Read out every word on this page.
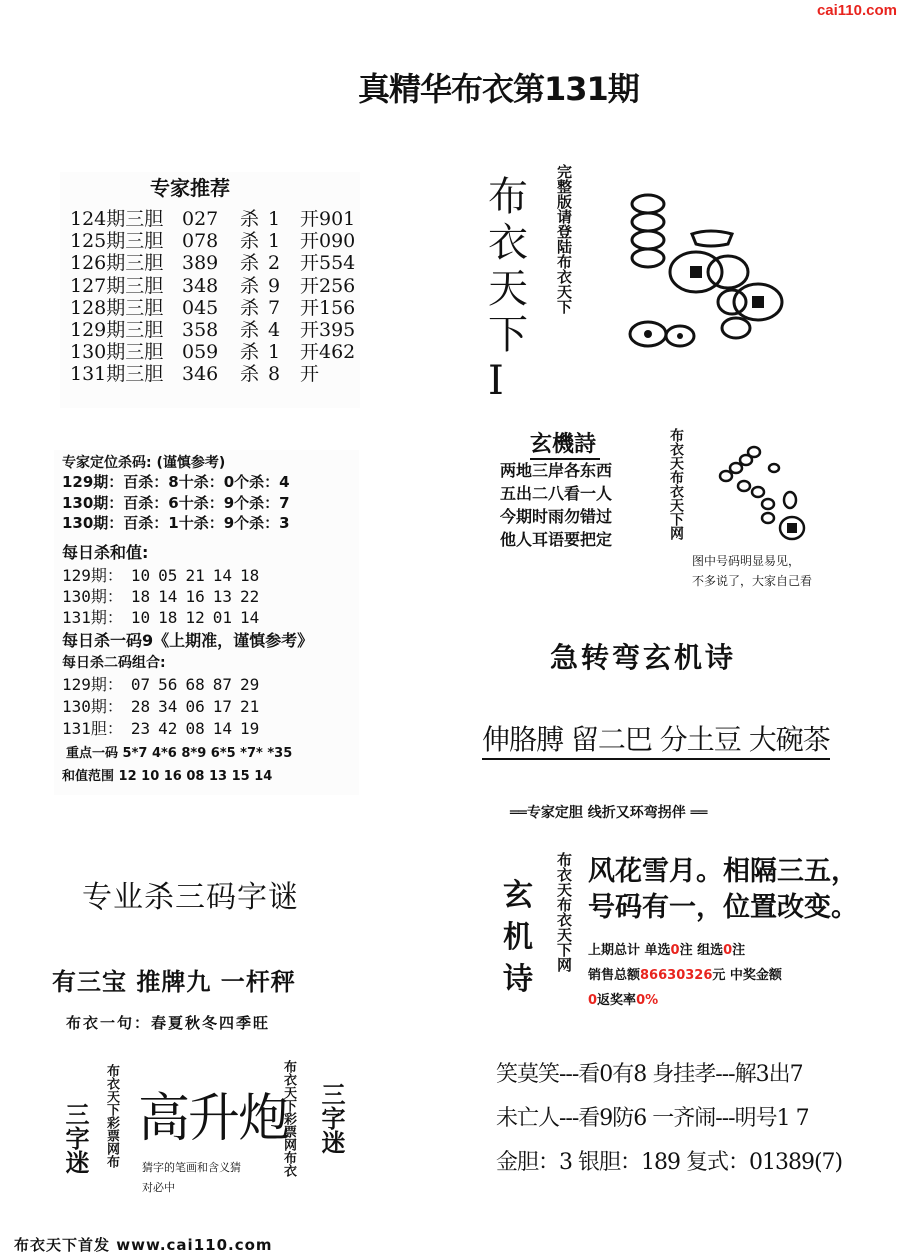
cai110.com
真精华布衣第131期
专家推荐
124期三胆 027 杀 1 开901
125期三胆 078 杀 1 开090
126期三胆 389 杀 2 开554
127期三胆 348 杀 9 开256
128期三胆 045 杀 7 开156
129期三胆 358 杀 4 开395
130期三胆 059 杀 1 开462
131期三胆 346 杀 8 开
专家定位杀码: (谨慎参考)
129期：百杀：8十杀：0个杀：4
130期：百杀：6十杀：9个杀：7
130期：百杀：1十杀：9个杀：3
每日杀和值:
129期：	10	05	21	14	18
130期：	18	14	16	13	22
131期：	10	18	12	01	14
每日杀一码9《上期准，谨慎参考》
每日杀二码组合:
129期：	07	56	68	87	29
130期：	28	34	06	17	21
131胆：	23	42	08	14	19
重点一码 5*7 4*6 8*9 6*5 *7* *35
和值范围 12 10 16 08 13 15 14
布衣天下I
完整版请登陆布衣天下
玄機詩
两地三岸各东西
五出二八看一人
今期时雨勿错过
他人耳语要把定	布衣天布衣天下网
图中号码明显易见，
不多说了，大家自己看
急转弯玄机诗
伸胳膊 留二巴 分土豆 大碗茶
══专家定胆 线折又环弯拐伴 ══
玄机诗
布衣天布衣天下网 风花雪月。相隔三五，
号码有一，位置改变。
上期总计 单选0注 组选0注
销售总额86630326元 中奖金额
0返奖率0%
笑莫笑---看0有8 身挂孝---解3出7
未亡人---看9防6 一齐闹---明号1 7
金胆：3 银胆：189 复式：01389(7)
专业杀三码字谜
有三宝 推牌九 一杆秤
布衣一句：春夏秋冬四季旺
三字迷 布衣天下彩票网布 高升炮
猜字的笔画和含义猜
对必中
布衣天下彩票网布衣 三字迷
布衣天下首发 www.cai110.com
